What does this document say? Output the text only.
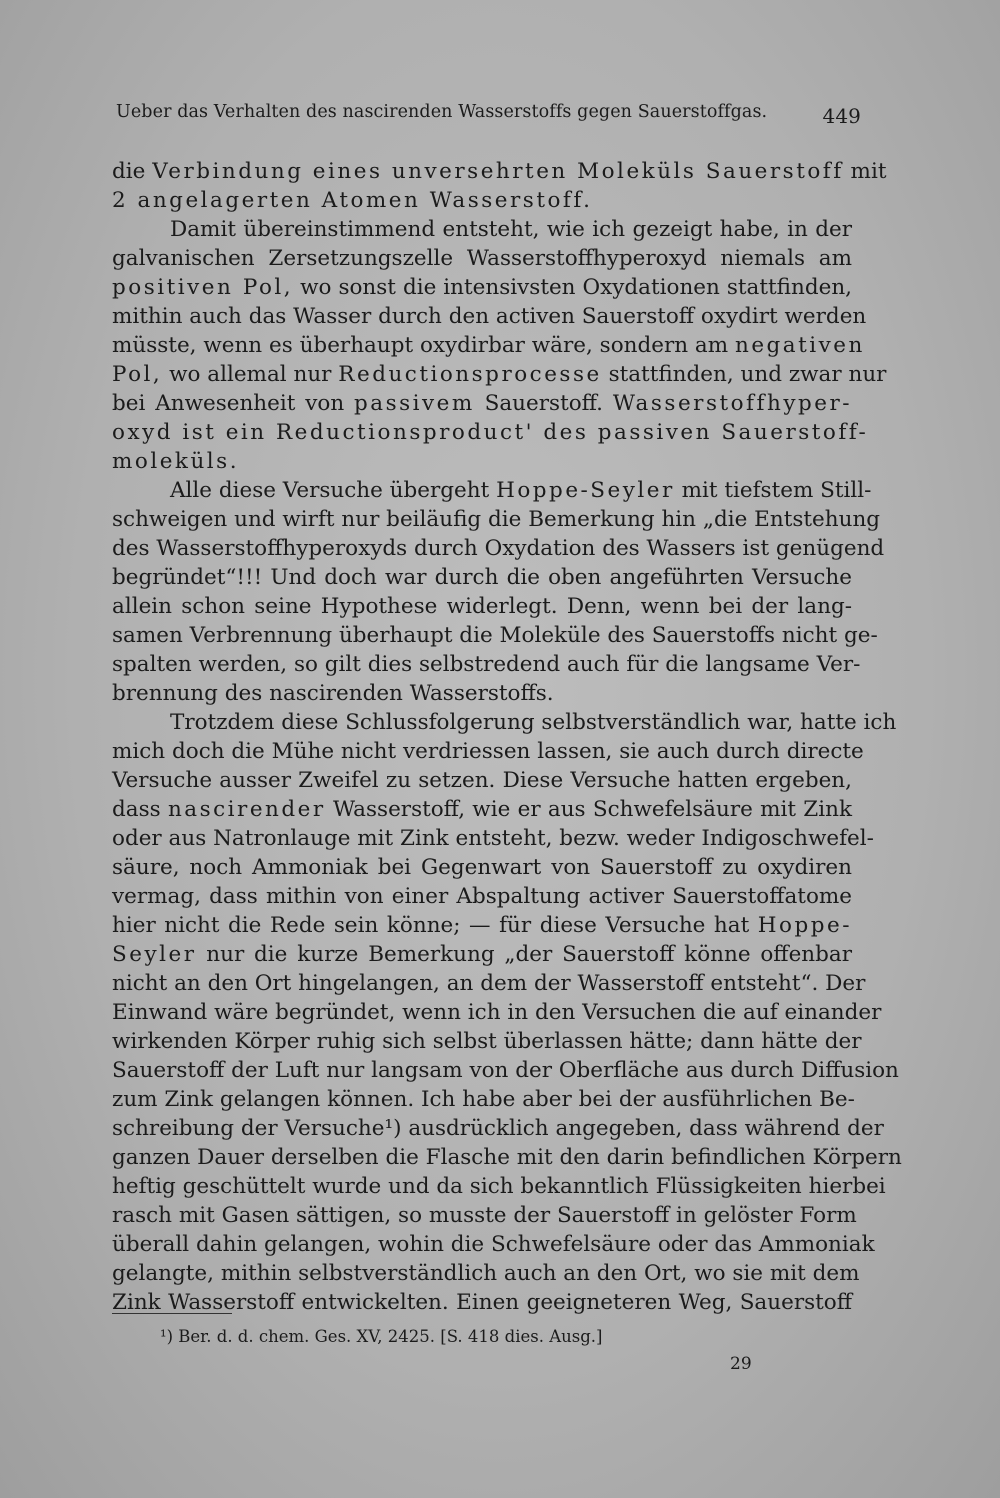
Ueber das Verhalten des nascirenden Wasserstoffs gegen Sauerstoffgas.	449
die Verbindung eines unversehrten Moleküls Sauerstoff mit
2 angelagerten Atomen Wasserstoff.
Damit übereinstimmend entsteht, wie ich gezeigt habe, in der
galvanischen Zersetzungszelle Wasserstoffhyperoxyd niemals am
positiven Pol, wo sonst die intensivsten Oxydationen stattfinden,
mithin auch das Wasser durch den activen Sauerstoff oxydirt werden
müsste, wenn es überhaupt oxydirbar wäre, sondern am negativen
Pol, wo allemal nur Reductionsprocesse stattfinden, und zwar nur
bei Anwesenheit von passivem Sauerstoff. Wasserstoffhyper-
oxyd ist ein Reductionsproduct' des passiven Sauerstoff-
moleküls.
Alle diese Versuche übergeht Hoppe-Seyler mit tiefstem Still-
schweigen und wirft nur beiläufig die Bemerkung hin „die Entstehung
des Wasserstoffhyperoxyds durch Oxydation des Wassers ist genügend
begründet“!!! Und doch war durch die oben angeführten Versuche
allein schon seine Hypothese widerlegt. Denn, wenn bei der lang-
samen Verbrennung überhaupt die Moleküle des Sauerstoffs nicht ge-
spalten werden, so gilt dies selbstredend auch für die langsame Ver-
brennung des nascirenden Wasserstoffs.
Trotzdem diese Schlussfolgerung selbstverständlich war, hatte ich
mich doch die Mühe nicht verdriessen lassen, sie auch durch directe
Versuche ausser Zweifel zu setzen. Diese Versuche hatten ergeben,
dass nascirender Wasserstoff, wie er aus Schwefelsäure mit Zink
oder aus Natronlauge mit Zink entsteht, bezw. weder Indigoschwefel-
säure, noch Ammoniak bei Gegenwart von Sauerstoff zu oxydiren
vermag, dass mithin von einer Abspaltung activer Sauerstoffatome
hier nicht die Rede sein könne; — für diese Versuche hat Hoppe-
Seyler nur die kurze Bemerkung „der Sauerstoff könne offenbar
nicht an den Ort hingelangen, an dem der Wasserstoff entsteht“. Der
Einwand wäre begründet, wenn ich in den Versuchen die auf einander
wirkenden Körper ruhig sich selbst überlassen hätte; dann hätte der
Sauerstoff der Luft nur langsam von der Oberfläche aus durch Diffusion
zum Zink gelangen können. Ich habe aber bei der ausführlichen Be-
schreibung der Versuche¹) ausdrücklich angegeben, dass während der
ganzen Dauer derselben die Flasche mit den darin befindlichen Körpern
heftig geschüttelt wurde und da sich bekanntlich Flüssigkeiten hierbei
rasch mit Gasen sättigen, so musste der Sauerstoff in gelöster Form
überall dahin gelangen, wohin die Schwefelsäure oder das Ammoniak
gelangte, mithin selbstverständlich auch an den Ort, wo sie mit dem
Zink Wasserstoff entwickelten. Einen geeigneteren Weg, Sauerstoff
¹) Ber. d. d. chem. Ges. XV, 2425. [S. 418 dies. Ausg.]
29
